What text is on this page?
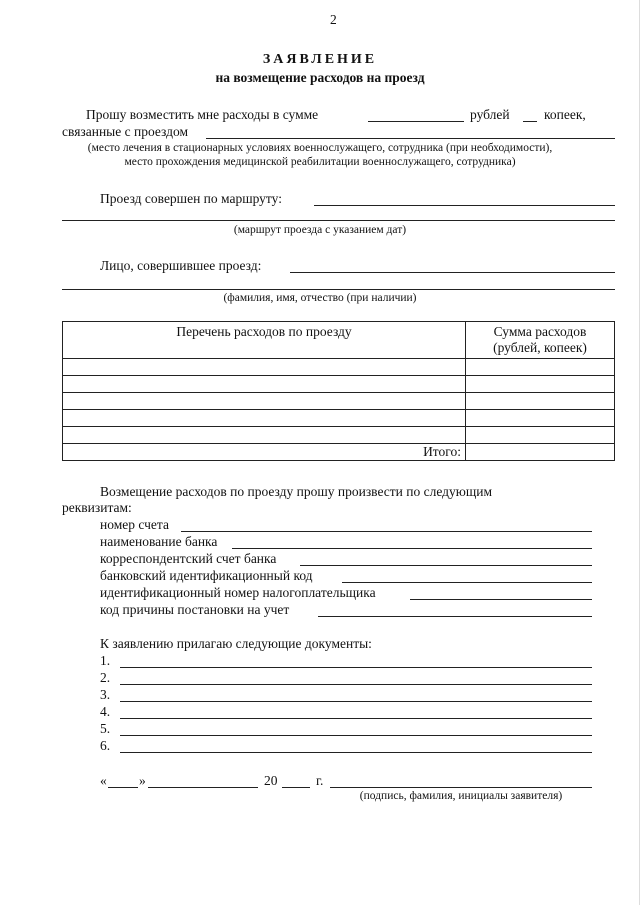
2
ЗАЯВЛЕНИЕ
на возмещение расходов на проезд
Прошу возместить мне расходы в сумме	рублей	копеек,
связанные с проездом
(место лечения в стационарных условиях военнослужащего, сотрудника (при необходимости),
место прохождения медицинской реабилитации военнослужащего, сотрудника)
Проезд совершен по маршруту:
(маршрут проезда с указанием дат)
Лицо, совершившее проезд:
(фамилия, имя, отчество (при наличии)
Перечень расходов по проезду	Сумма расходов
(рублей, копеек)

Итого:	
Возмещение расходов по проезду прошу произвести по следующим
реквизитам:
номер счета
наименование банка
корреспондентский счет банка
банковский идентификационный код
идентификационный номер налогоплательщика
код причины постановки на учет
К заявлению прилагаю следующие документы:
1.
2.
3.
4.
5.
6.
« »	20	г.
(подпись, фамилия, инициалы заявителя)
